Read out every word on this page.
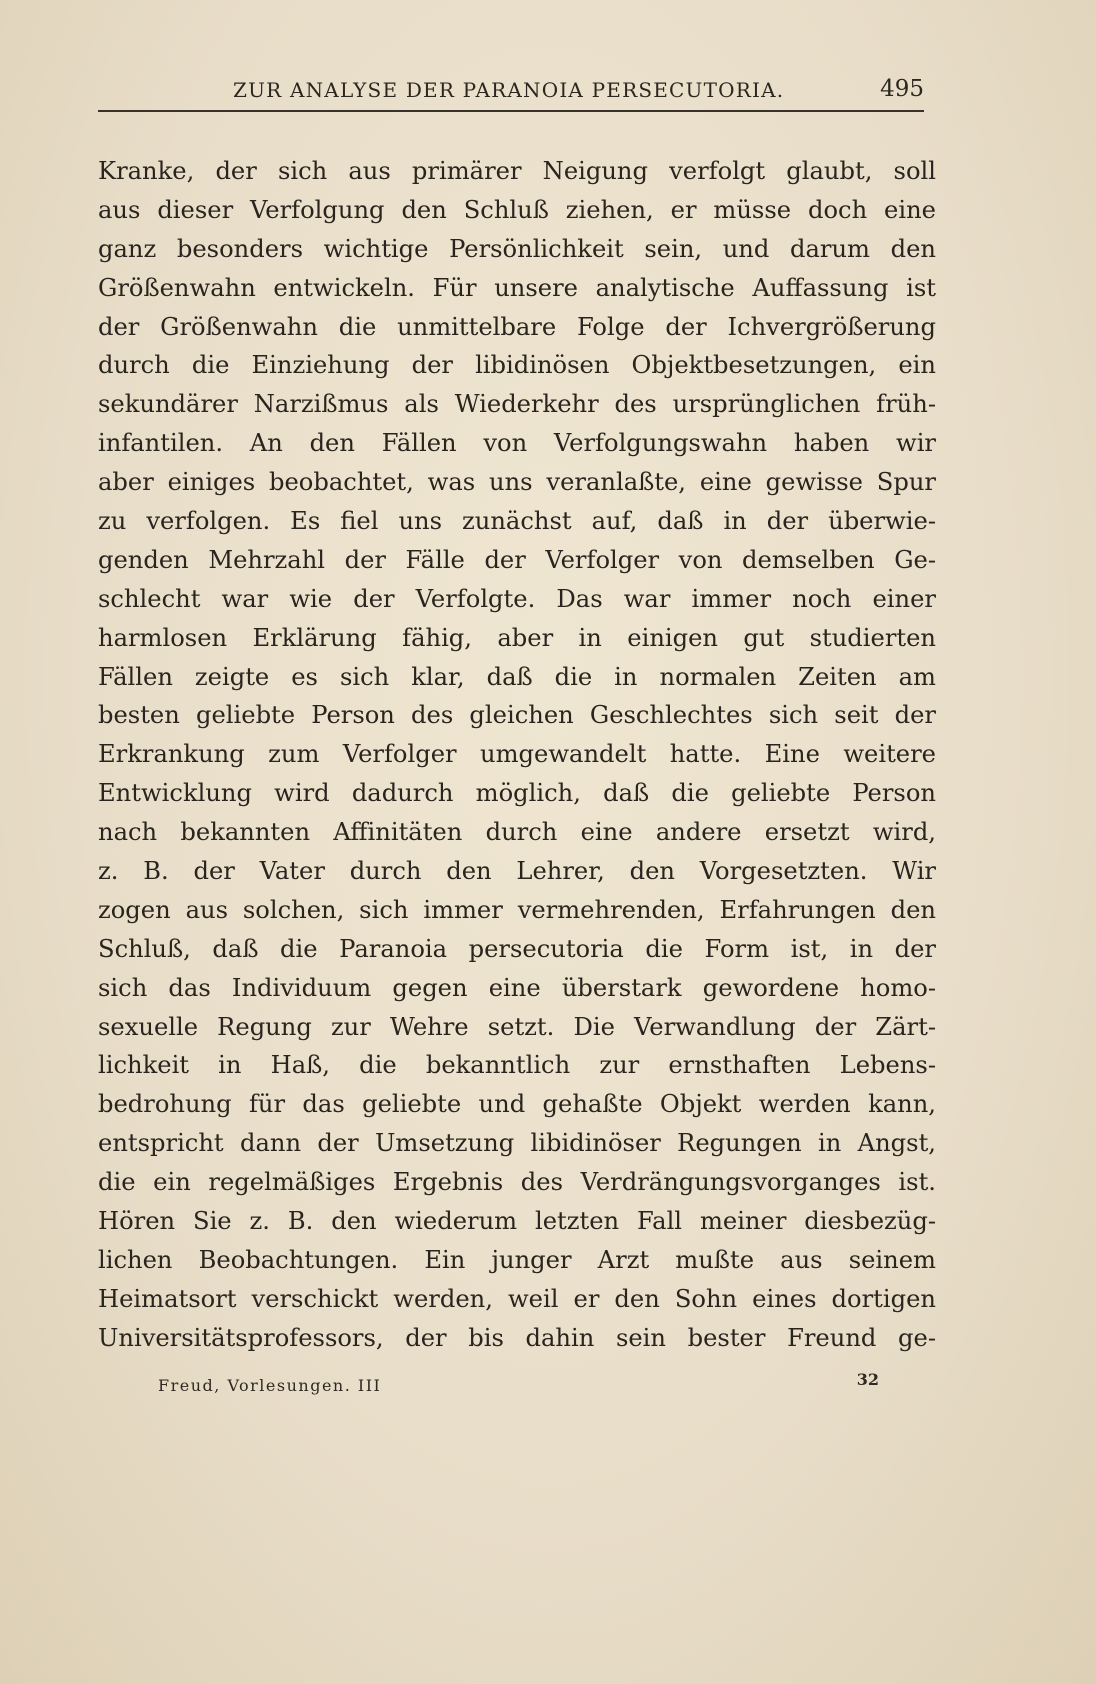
ZUR ANALYSE DER PARANOIA PERSECUTORIA.	495
Kranke, der sich aus primärer Neigung verfolgt glaubt, soll
aus dieser Verfolgung den Schluß ziehen, er müsse doch eine
ganz besonders wichtige Persönlichkeit sein, und darum den
Größenwahn entwickeln. Für unsere analytische Auffassung ist
der Größenwahn die unmittelbare Folge der Ichvergrößerung
durch die Einziehung der libidinösen Objektbesetzungen, ein
sekundärer Narzißmus als Wiederkehr des ursprünglichen früh-
infantilen. An den Fällen von Verfolgungswahn haben wir
aber einiges beobachtet, was uns veranlaßte, eine gewisse Spur
zu verfolgen. Es fiel uns zunächst auf, daß in der überwie-
genden Mehrzahl der Fälle der Verfolger von demselben Ge-
schlecht war wie der Verfolgte. Das war immer noch einer
harmlosen Erklärung fähig, aber in einigen gut studierten
Fällen zeigte es sich klar, daß die in normalen Zeiten am
besten geliebte Person des gleichen Geschlechtes sich seit der
Erkrankung zum Verfolger umgewandelt hatte. Eine weitere
Entwicklung wird dadurch möglich, daß die geliebte Person
nach bekannten Affinitäten durch eine andere ersetzt wird,
z. B. der Vater durch den Lehrer, den Vorgesetzten. Wir
zogen aus solchen, sich immer vermehrenden, Erfahrungen den
Schluß, daß die Paranoia persecutoria die Form ist, in der
sich das Individuum gegen eine überstark gewordene homo-
sexuelle Regung zur Wehre setzt. Die Verwandlung der Zärt-
lichkeit in Haß, die bekanntlich zur ernsthaften Lebens-
bedrohung für das geliebte und gehaßte Objekt werden kann,
entspricht dann der Umsetzung libidinöser Regungen in Angst,
die ein regelmäßiges Ergebnis des Verdrängungsvorganges ist.
Hören Sie z. B. den wiederum letzten Fall meiner diesbezüg-
lichen Beobachtungen. Ein junger Arzt mußte aus seinem
Heimatsort verschickt werden, weil er den Sohn eines dortigen
Universitätsprofessors, der bis dahin sein bester Freund ge-
Freud, Vorlesungen. III	32
